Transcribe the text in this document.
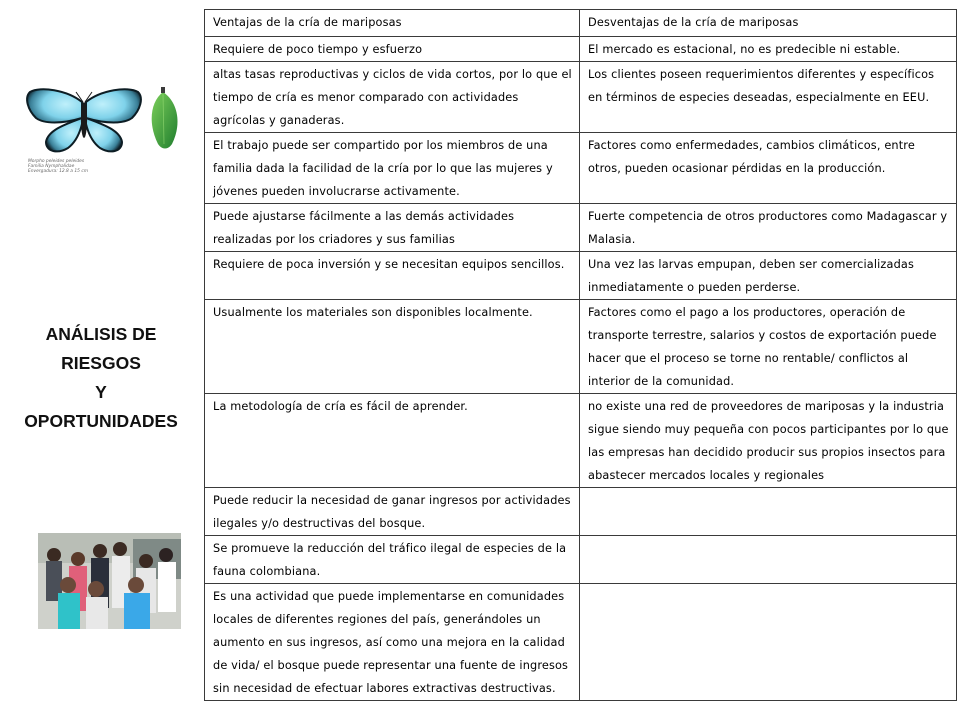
Morpho peleides peleides
Familia Nymphalidae
Envergadura: 12.8 a 15 cm
ANÁLISIS DE
RIESGOS
Y
OPORTUNIDADES
Ventajas de la cría de mariposas	Desventajas de la cría de mariposas
Requiere de poco tiempo y esfuerzo	El mercado es estacional, no es predecible ni estable.
altas tasas reproductivas y ciclos de vida cortos, por lo que el tiempo de cría es menor comparado con actividades agrícolas y ganaderas.	Los clientes poseen requerimientos diferentes y específicos en términos de especies deseadas, especialmente en EEU.
El trabajo puede ser compartido por los miembros de una familia dada la facilidad de la cría por lo que las mujeres y jóvenes pueden involucrarse activamente.	Factores como enfermedades, cambios climáticos, entre otros, pueden ocasionar pérdidas en la producción.
Puede ajustarse fácilmente a las demás actividades realizadas por los criadores y sus familias	Fuerte competencia de otros productores como Madagascar y Malasia.
Requiere de poca inversión y se necesitan equipos sencillos.	Una vez las larvas empupan, deben ser comercializadas inmediatamente o pueden perderse.
Usualmente los materiales son disponibles localmente.	Factores como el pago a los productores, operación de transporte terrestre, salarios y costos de exportación puede hacer que el proceso se torne no rentable/ conflictos al interior de la comunidad.
La metodología de cría es fácil de aprender.	no existe una red de proveedores de mariposas y la industria sigue siendo muy pequeña con pocos participantes por lo que las empresas han decidido producir sus propios insectos para abastecer mercados locales y regionales
Puede reducir la necesidad de ganar ingresos por actividades ilegales y/o destructivas del bosque.	
Se promueve la reducción del tráfico ilegal de especies de la fauna colombiana.	
Es una actividad que puede implementarse en comunidades locales de diferentes regiones del país, generándoles un aumento en sus ingresos, así como una mejora en la calidad de vida/ el bosque puede representar una fuente de ingresos sin necesidad de efectuar labores extractivas destructivas.	
